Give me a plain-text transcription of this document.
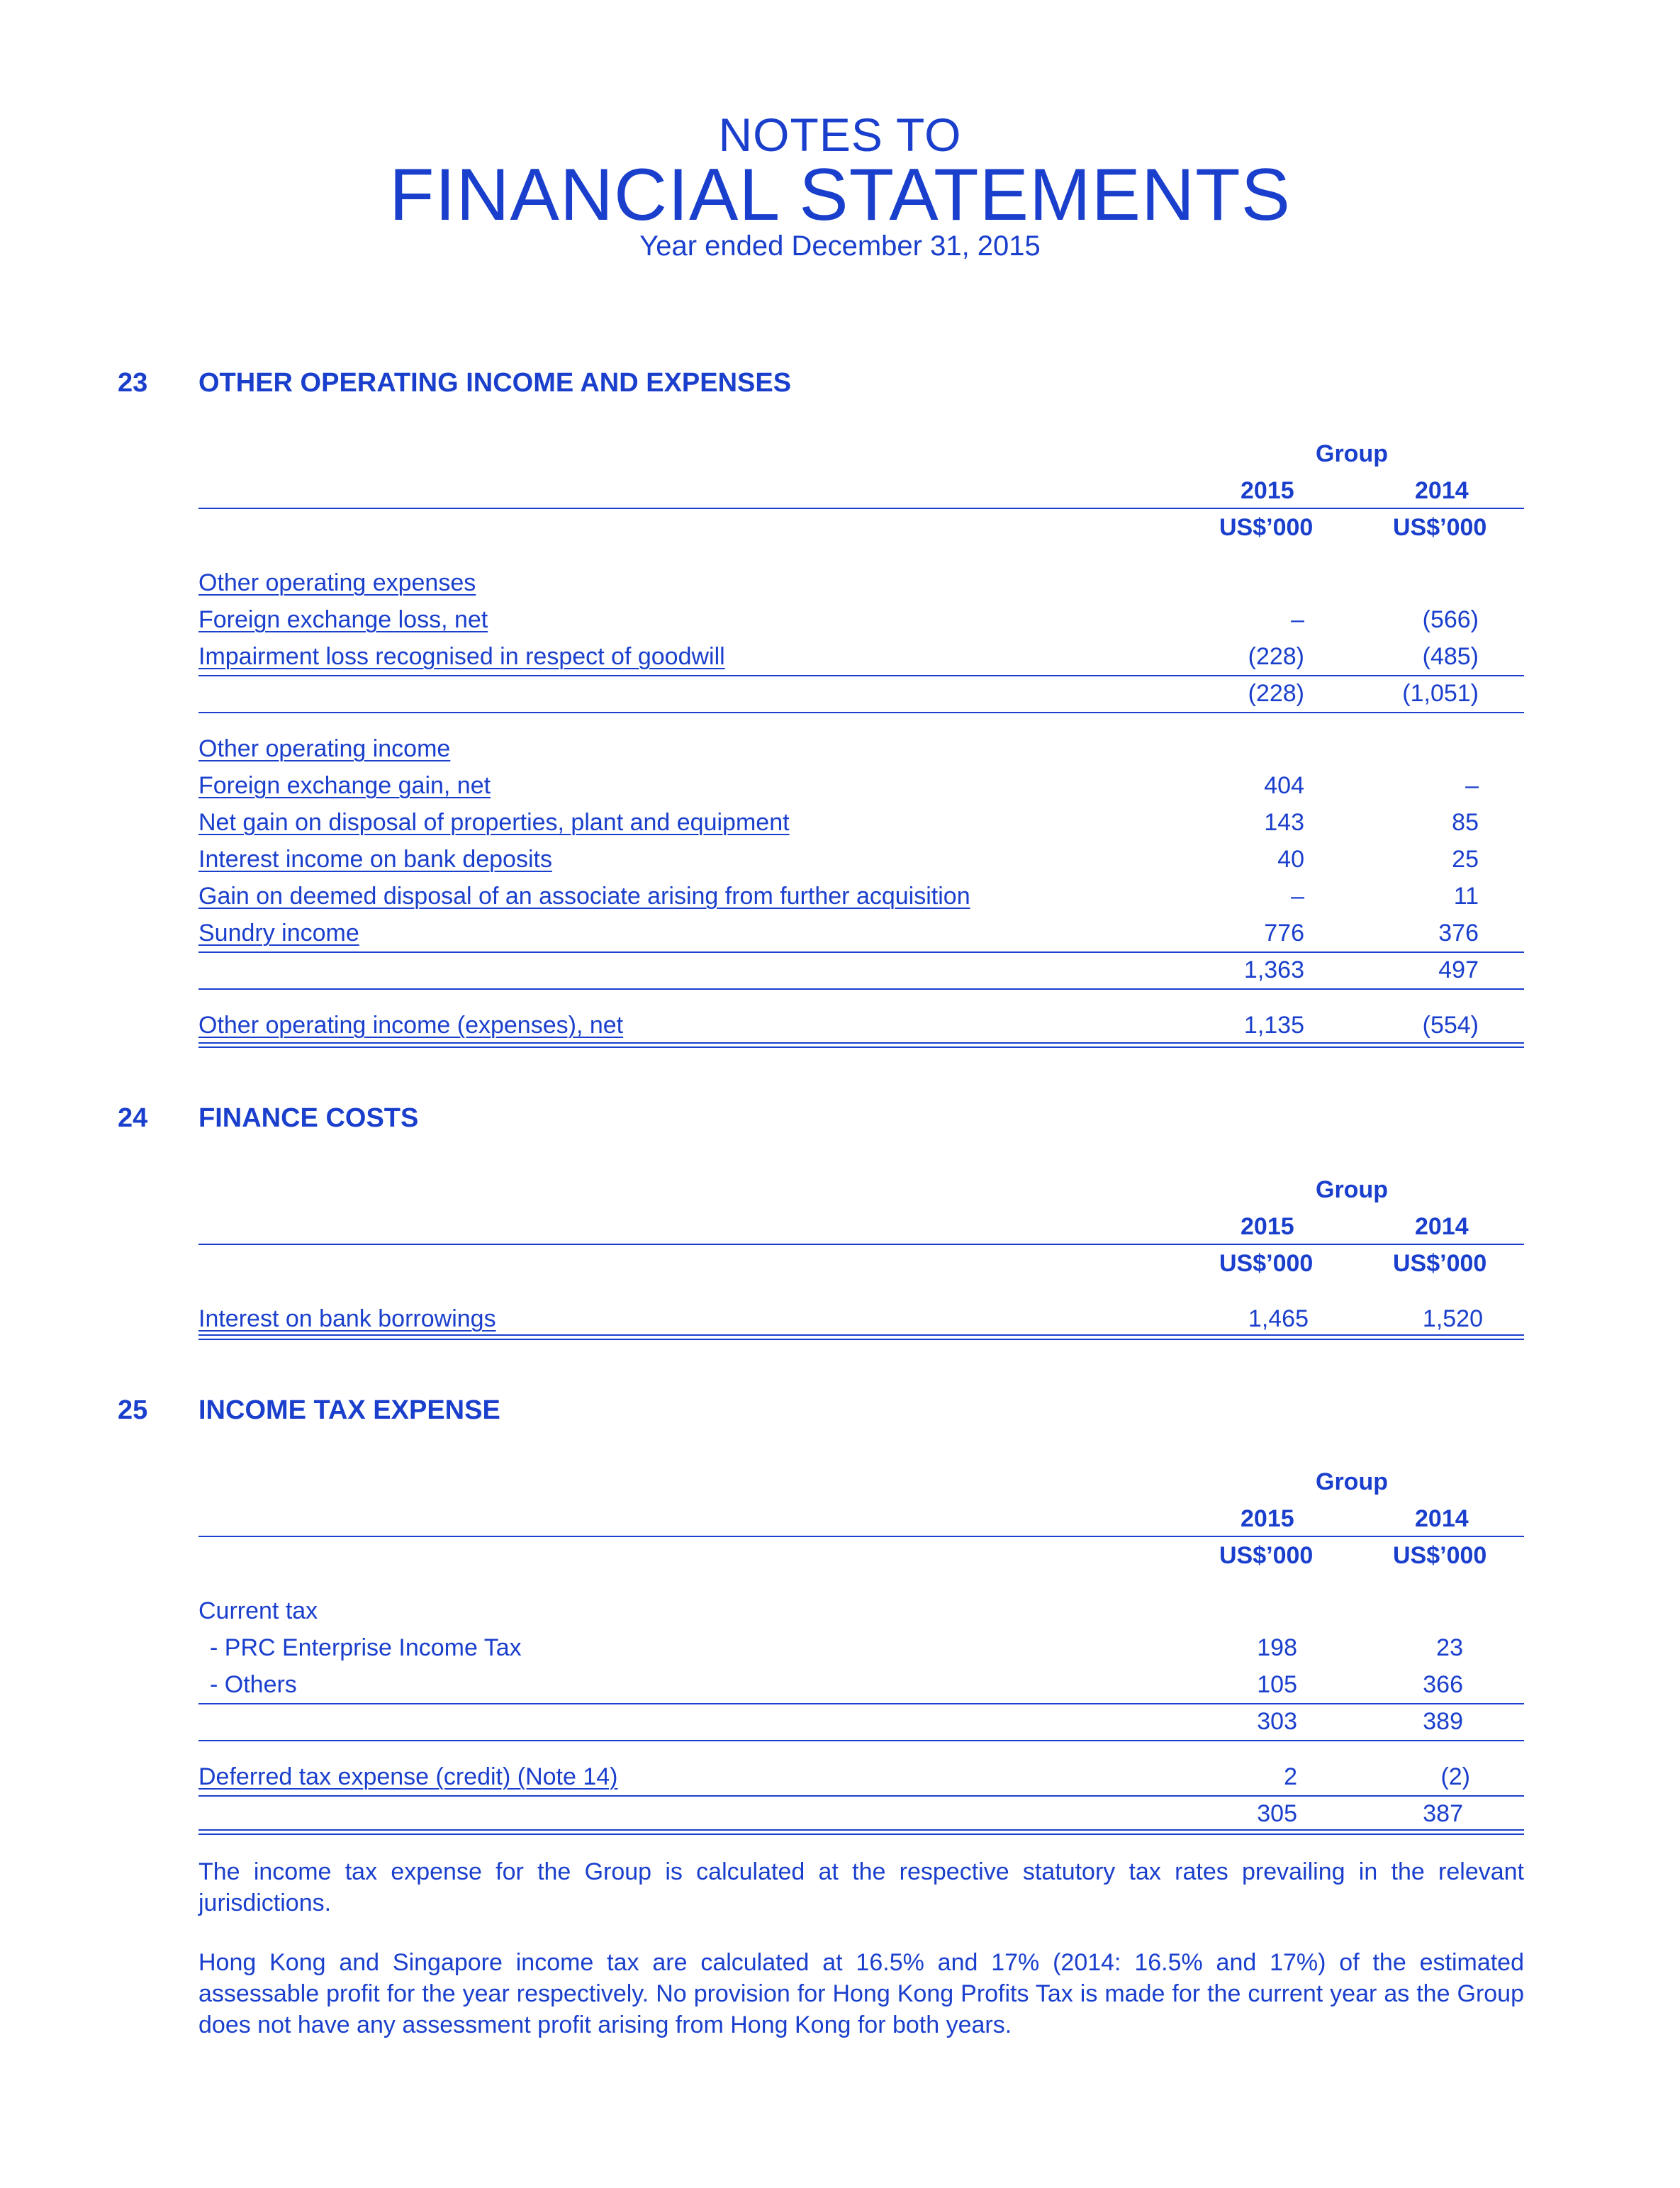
NOTES TO
FINANCIAL STATEMENTS
Year ended December 31, 2015
23 OTHER OPERATING INCOME AND EXPENSES
Group
2015	2014
US$’000	US$’000
Other operating expenses
Foreign exchange loss, net	–	(566)
Impairment loss recognised in respect of goodwill	(228)	(485)
(228)	(1,051)
Other operating income
Foreign exchange gain, net	404	–
Net gain on disposal of properties, plant and equipment	143	85
Interest income on bank deposits	40	25
Gain on deemed disposal of an associate arising from further acquisition	–	11
Sundry income	776	376
1,363	497
Other operating income (expenses), net	1,135	(554)
24 FINANCE COSTS
Group
2015	2014
US$’000	US$’000
Interest on bank borrowings	1,465	1,520
25 INCOME TAX EXPENSE
Group
2015	2014
US$’000	US$’000
Current tax
- PRC Enterprise Income Tax	198	23
- Others	105	366
303	389
Deferred tax expense (credit) (Note 14)	2	(2)
305	387
The income tax expense for the Group is calculated at the respective statutory tax rates prevailing in the relevant jurisdictions.
Hong Kong and Singapore income tax are calculated at 16.5% and 17% (2014: 16.5% and 17%) of the estimated assessable profit for the year respectively. No provision for Hong Kong Profits Tax is made for the current year as the Group does not have any assessment profit arising from Hong Kong for both years.
